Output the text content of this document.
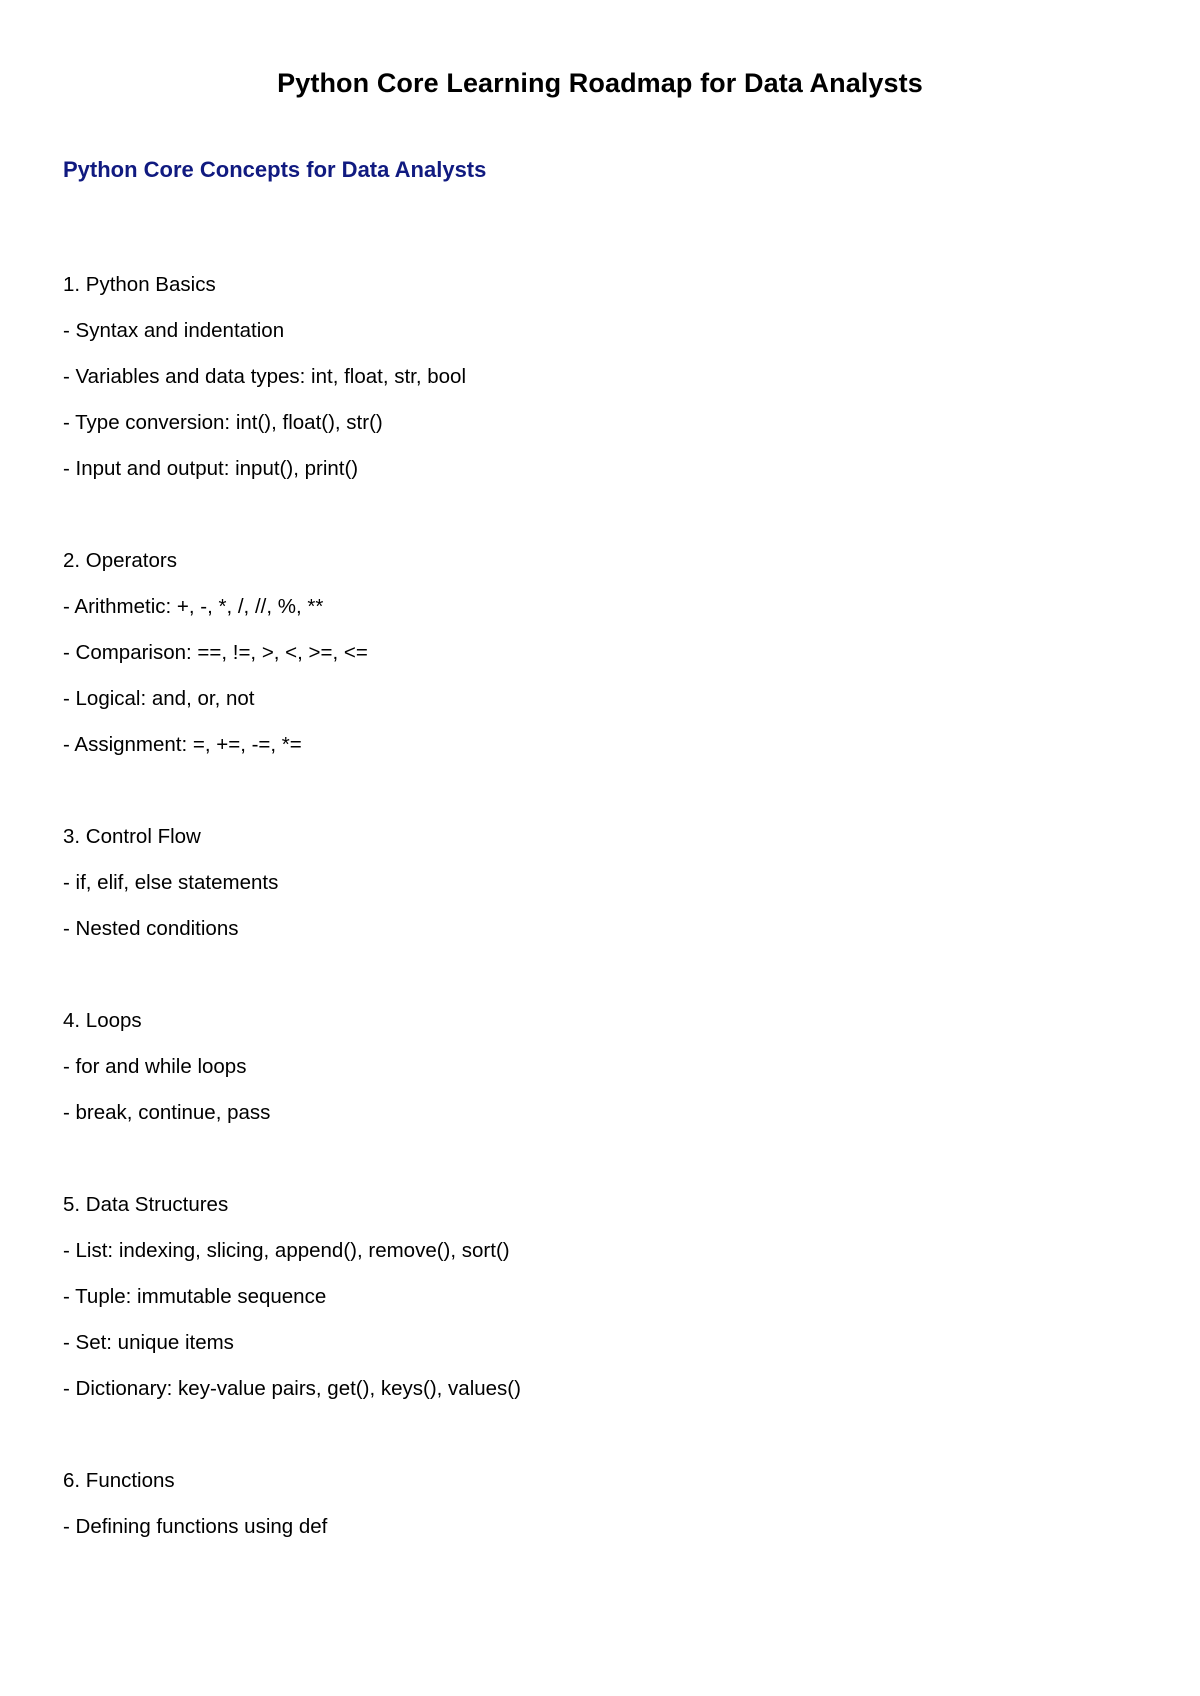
Python Core Learning Roadmap for Data Analysts
Python Core Concepts for Data Analysts
1. Python Basics

- Syntax and indentation

- Variables and data types: int, float, str, bool

- Type conversion: int(), float(), str()

- Input and output: input(), print()

2. Operators

- Arithmetic: +, -, *, /, //, %, **

- Comparison: ==, !=, >, <, >=, <=

- Logical: and, or, not

- Assignment: =, +=, -=, *=

3. Control Flow

- if, elif, else statements

- Nested conditions

4. Loops

- for and while loops

- break, continue, pass

5. Data Structures

- List: indexing, slicing, append(), remove(), sort()

- Tuple: immutable sequence

- Set: unique items

- Dictionary: key-value pairs, get(), keys(), values()

6. Functions

- Defining functions using def
